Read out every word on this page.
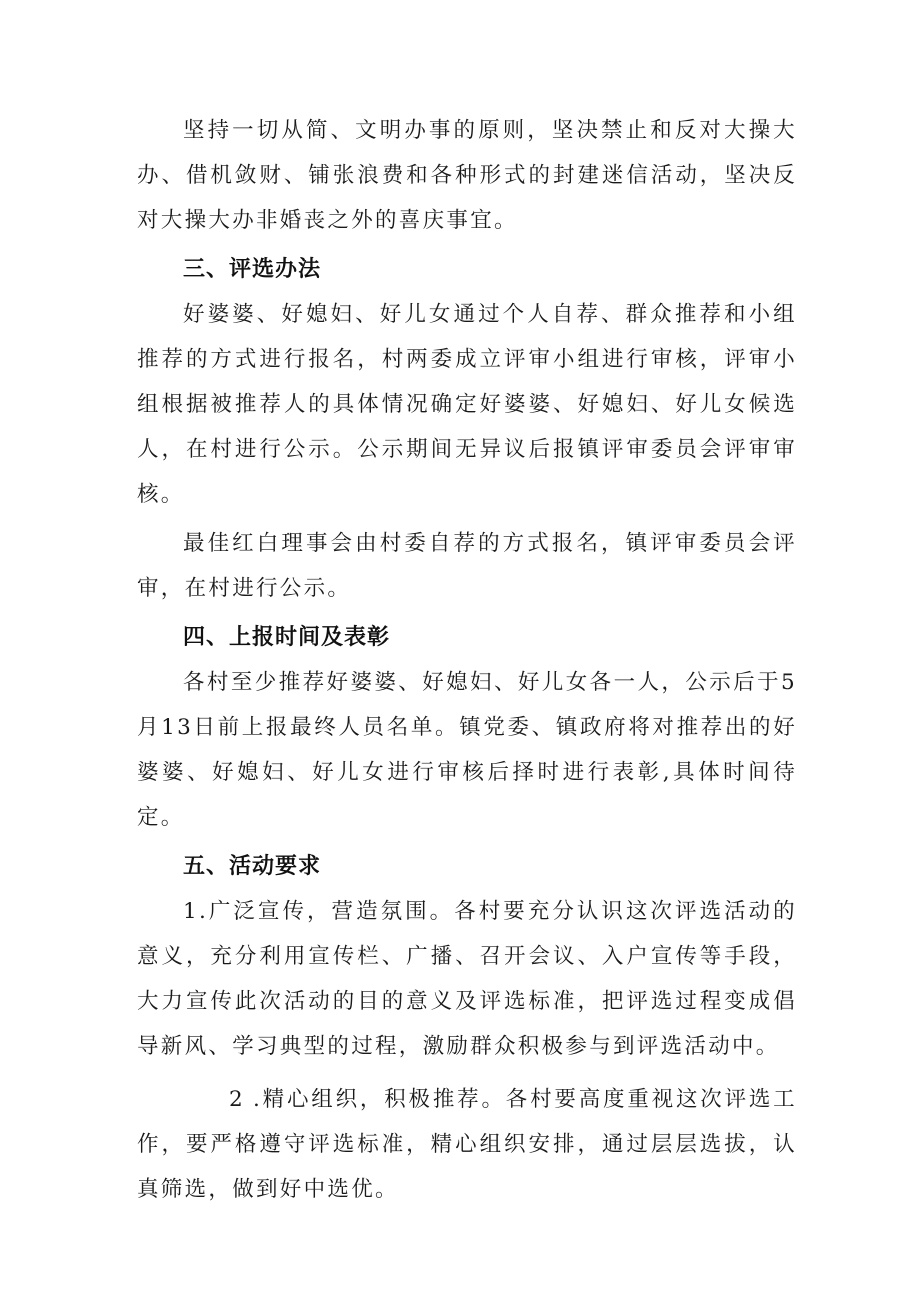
坚持一切从简、文明办事的原则，坚决禁止和反对大操大办、借机敛财、铺张浪费和各种形式的封建迷信活动，坚决反对大操大办非婚丧之外的喜庆事宜。

三、评选办法

好婆婆、好媳妇、好儿女通过个人自荐、群众推荐和小组推荐的方式进行报名，村两委成立评审小组进行审核，评审小组根据被推荐人的具体情况确定好婆婆、好媳妇、好儿女候选人，在村进行公示。公示期间无异议后报镇评审委员会评审审核。

最佳红白理事会由村委自荐的方式报名，镇评审委员会评审，在村进行公示。

四、上报时间及表彰

各村至少推荐好婆婆、好媳妇、好儿女各一人，公示后于5月13日前上报最终人员名单。镇党委、镇政府将对推荐出的好婆婆、好媳妇、好儿女进行审核后择时进行表彰,具体时间待定。

五、活动要求

1.广泛宣传，营造氛围。各村要充分认识这次评选活动的意义，充分利用宣传栏、广播、召开会议、入户宣传等手段，大力宣传此次活动的目的意义及评选标准，把评选过程变成倡导新风、学习典型的过程，激励群众积极参与到评选活动中。

2 .精心组织，积极推荐。各村要高度重视这次评选工作，要严格遵守评选标准，精心组织安排，通过层层选拔，认真筛选，做到好中选优。
